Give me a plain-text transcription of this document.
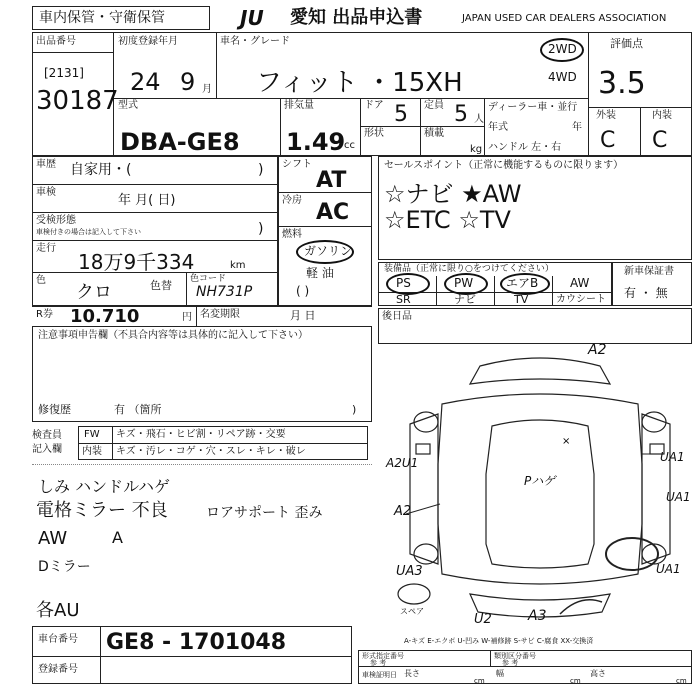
車内保管・守衛保管	JU 愛知 出品申込書	JAPAN USED CAR DEALERS ASSOCIATION
出品番号
[2131]
30187
初度登録年月
24 9 月
車名・グレード
フィット ・15XH
2WD
4WD
評価点
3.5
外装	内装
C C
型式
DBA-GE8
排気量
1.49
cc
ドア 5 定員 5 人
形状	積載
kg
ディーラー車・並行
年式	年
ハンドル 左・右
車歴 自家用・(	)
車検
年 月( 日)
受検形態
車検付きの場合は記入して下さい	)
走行
18万9千334	km
色
クロ	色替 色コード
NH731P
R券 10.710	円 名変期限	月 日
シフト
AT
冷房 AC
燃料
ガソリン
軽 油
( )
セールスポイント（正常に機能するものに限ります）
☆ナビ ★AW
☆ETC ☆TV
装備品（正常に限り○をつけてください）
PS	PW	エアB	AW
SR	ナビ	TV	カウシート
新車保証書
有 ・ 無
後日品
注意事項申告欄（不具合内容等は具体的に記入して下さい）
修復歴	有 （箇所	)
検査員
記入欄
FW キズ・飛石・ヒビ割・リペア跡・交要
内装 キズ・汚レ・コゲ・穴・スレ・キレ・破レ
しみ ハンドルハゲ
電格ミラー 不良	ロアサポート 歪み
AW	A
Dミラー
各AU
×
A2
A2U1
A2
UA3
UA1
UA1
UA1
U2	A3
Pハゲ
スペア
A-キズ E-エクボ U-凹み W-補修跡 S-サビ C-腐食 XX-交換済
車台番号 GE8 - 1701048
登録番号
形式指定番号
参 考
類別区分番号
参 考
車検証明日 長さ	幅	高さ
cm	cm	cm
